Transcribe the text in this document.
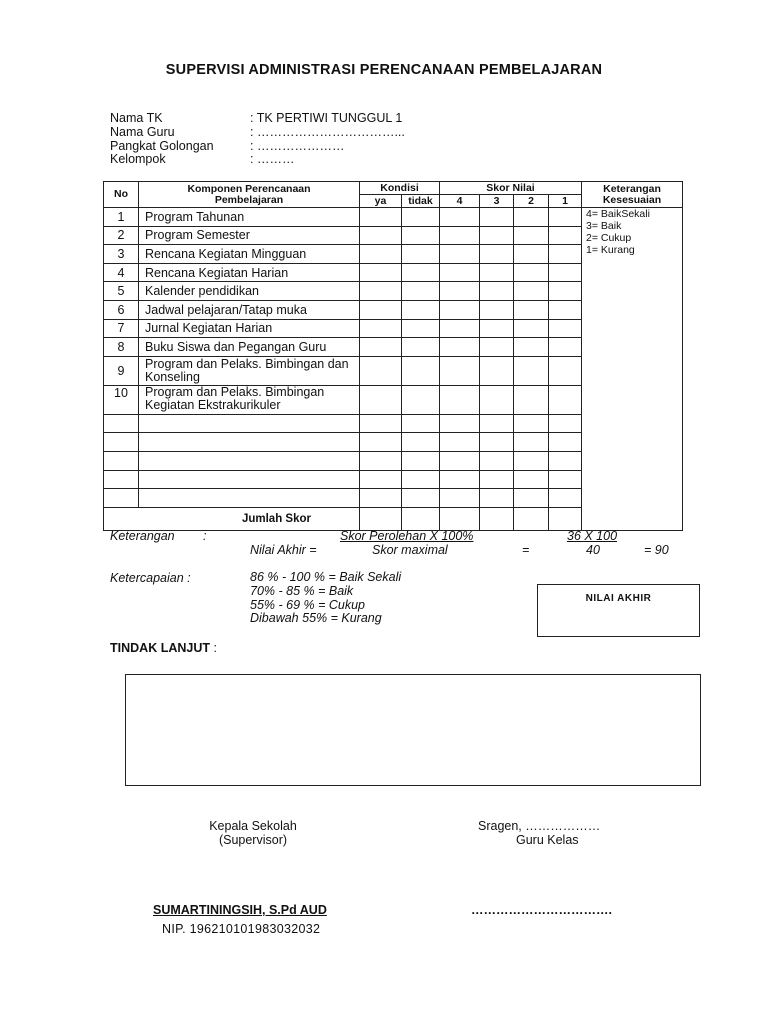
SUPERVISI ADMINISTRASI PERENCANAAN PEMBELAJARAN
Nama TK	: TK PERTIWI TUNGGUL 1
Nama Guru	: ……………………………...
Pangkat Golongan	: …………………
Kelompok	: ………
No	Komponen Perencanaan Pembelajaran	Kondisi		Skor Nilai				Keterangan Kesesuaian
		ya	tidak	4	3	2	1	
1	Program Tahunan							4= BaikSekali
3= Baik
2= Cukup
1= Kurang

2	Program Semester							
3	Rencana Kegiatan Mingguan							
4	Rencana Kegiatan Harian							
5	Kalender pendidikan							
6	Jadwal pelajaran/Tatap muka							
7	Jurnal Kegiatan Harian							
8	Buku Siswa dan Pegangan Guru							
9	Program dan Pelaks. Bimbingan dan Konseling							
10	Program dan Pelaks. Bimbingan Kegiatan Ekstrakurikuler							

Jumlah Skor								
Keterangan :	Skor Perolehan X 100%	36 X 100
Nilai Akhir =	Skor maximal	=	40	= 90
Ketercapaian :	86 % - 100 % = Baik Sekali
70% - 85 % = Baik
55% - 69 % = Cukup
Dibawah 55% = Kurang
NILAI AKHIR
TINDAK LANJUT :
Kepala Sekolah
(Supervisor)
Sragen, ………………
Guru Kelas
SUMARTININGSIH, S.Pd AUD	…………………………….
NIP. 196210101983032032
